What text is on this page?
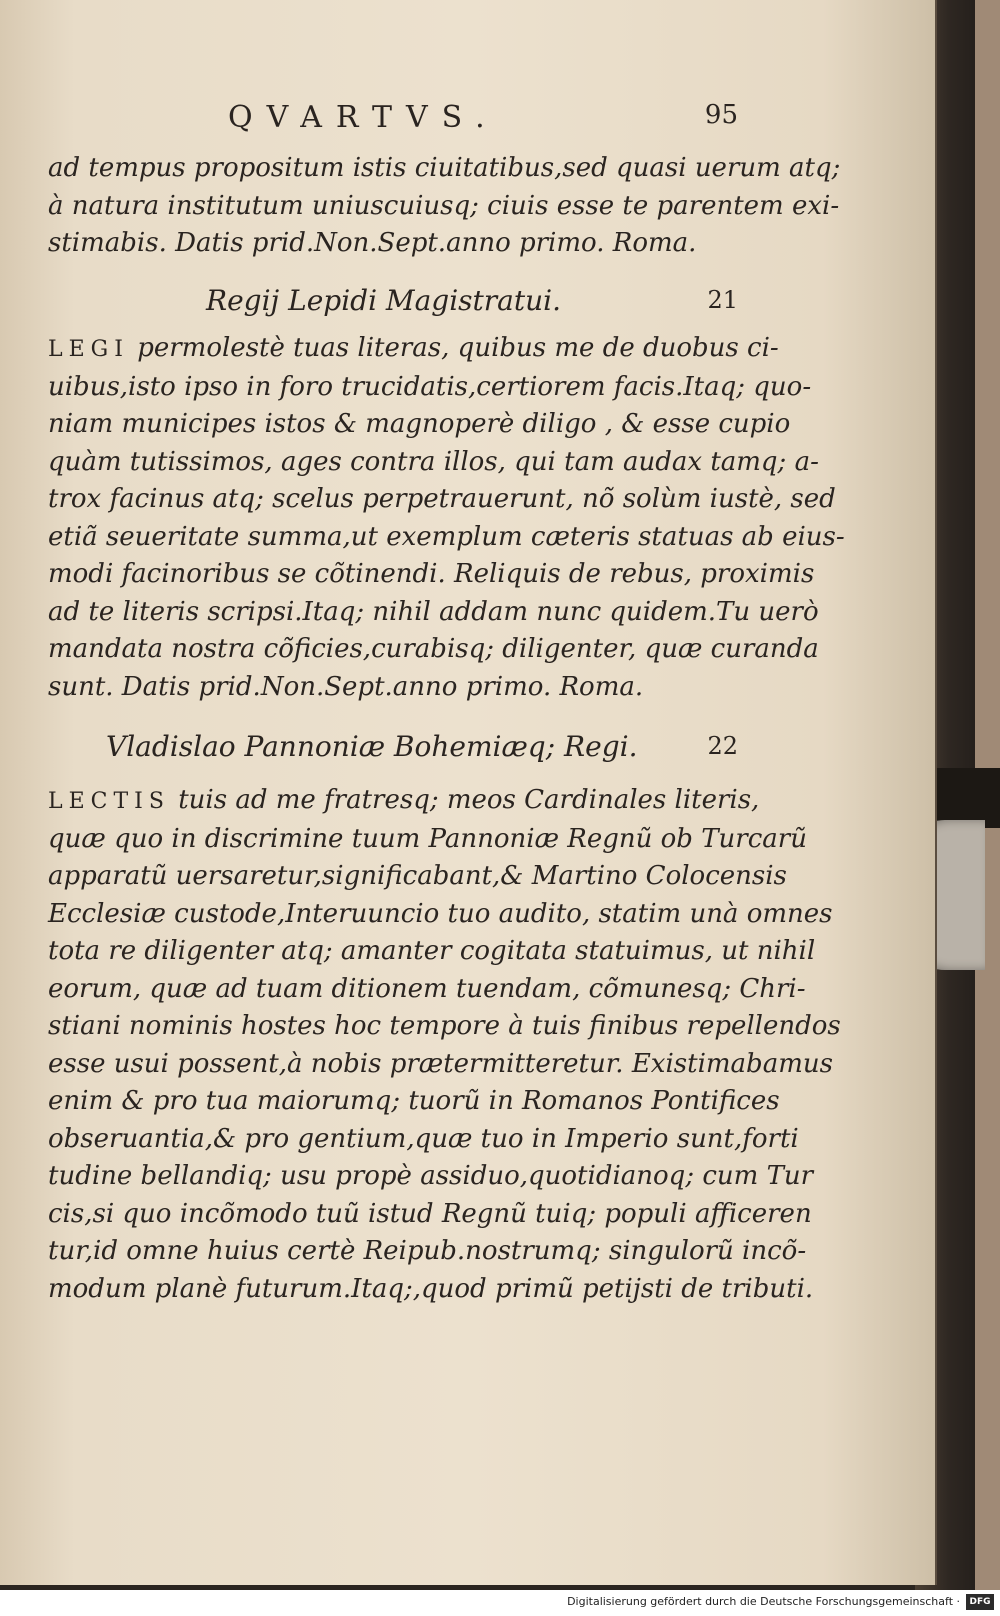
QVARTVS.	95
ad tempus propositum istis ciuitatibus,sed quasi uerum atq;
à natura institutum uniuscuiusq; ciuis esse te parentem exi-
stimabis. Datis prid.Non.Sept.anno primo. Roma.
Regij Lepidi Magistratui.	21
LEGI permolestè tuas literas, quibus me de duobus ci-
uibus,isto ipso in foro trucidatis,certiorem facis.Itaq; quo-
niam municipes istos & magnoperè diligo , & esse cupio
quàm tutissimos, ages contra illos, qui tam audax tamq; a-
trox facinus atq; scelus perpetrauerunt, nõ solùm iustè, sed
etiã seueritate summa,ut exemplum cæteris statuas ab eius-
modi facinoribus se cõtinendi. Reliquis de rebus, proximis
ad te literis scripsi.Itaq; nihil addam nunc quidem.Tu uerò
mandata nostra cõficies,curabisq; diligenter, quæ curanda
sunt. Datis prid.Non.Sept.anno primo. Roma.
Vladislao Pannoniæ Bohemiæq; Regi.	22
LECTIS tuis ad me fratresq; meos Cardinales literis,
quæ quo in discrimine tuum Pannoniæ Regnũ ob Turcarũ
apparatũ uersaretur,significabant,& Martino Colocensis
Ecclesiæ custode,Interuuncio tuo audito, statim unà omnes
tota re diligenter atq; amanter cogitata statuimus, ut nihil
eorum, quæ ad tuam ditionem tuendam, cõmunesq; Chri-
stiani nominis hostes hoc tempore à tuis finibus repellendos
esse usui possent,à nobis prætermitteretur. Existimabamus
enim & pro tua maiorumq; tuorũ in Romanos Pontifices
obseruantia,& pro gentium,quæ tuo in Imperio sunt,forti
tudine bellandiq; usu propè assiduo,quotidianoq; cum Tur
cis,si quo incõmodo tuũ istud Regnũ tuiq; populi afficeren
tur,id omne huius certè Reipub.nostrumq; singulorũ incõ-
modum planè futurum.Itaq;,quod primũ petijsti de tributi.
Digitalisierung gefördert durch die Deutsche Forschungsgemeinschaft ·	DFG
